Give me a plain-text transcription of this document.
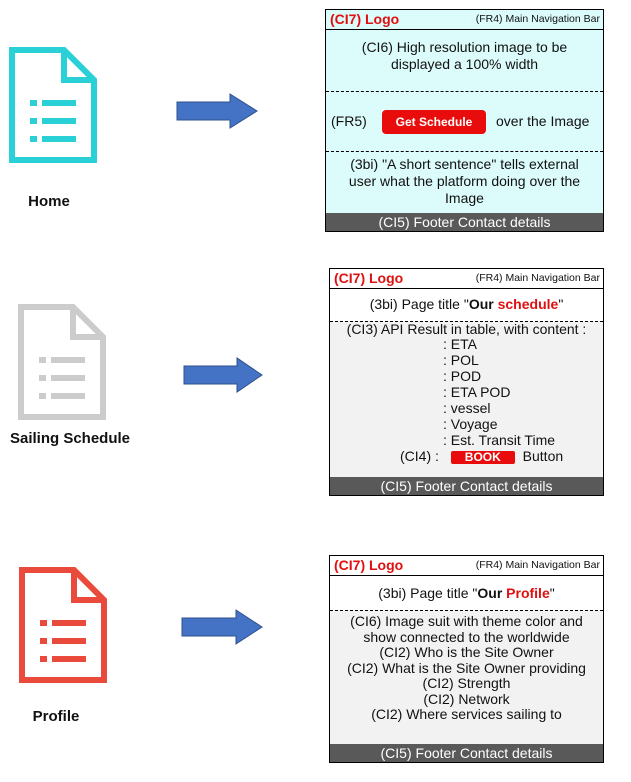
Home
(CI7) Logo	(FR4) Main Navigation Bar
(CI6) High resolution image to be
displayed a 100% width
(FR5)	Get Schedule	over the Image
(3bi) "A short sentence" tells external
user what the platform doing over the
Image
(CI5) Footer Contact details
Sailing Schedule
(CI7) Logo	(FR4) Main Navigation Bar
(3bi) Page title "Our schedule"
(CI3) API Result in table, with content :
: ETA
: POL
: POD
: ETA POD
: vessel
: Voyage
: Est. Transit Time
(CI4) : BOOK Button
(CI5) Footer Contact details
Profile
(CI7) Logo	(FR4) Main Navigation Bar
(3bi) Page title "Our Profile"
(CI6) Image suit with theme color and
show connected to the worldwide
(CI2) Who is the Site Owner
(CI2) What is the Site Owner providing
(CI2) Strength
(CI2) Network
(CI2) Where services sailing to
(CI5) Footer Contact details
